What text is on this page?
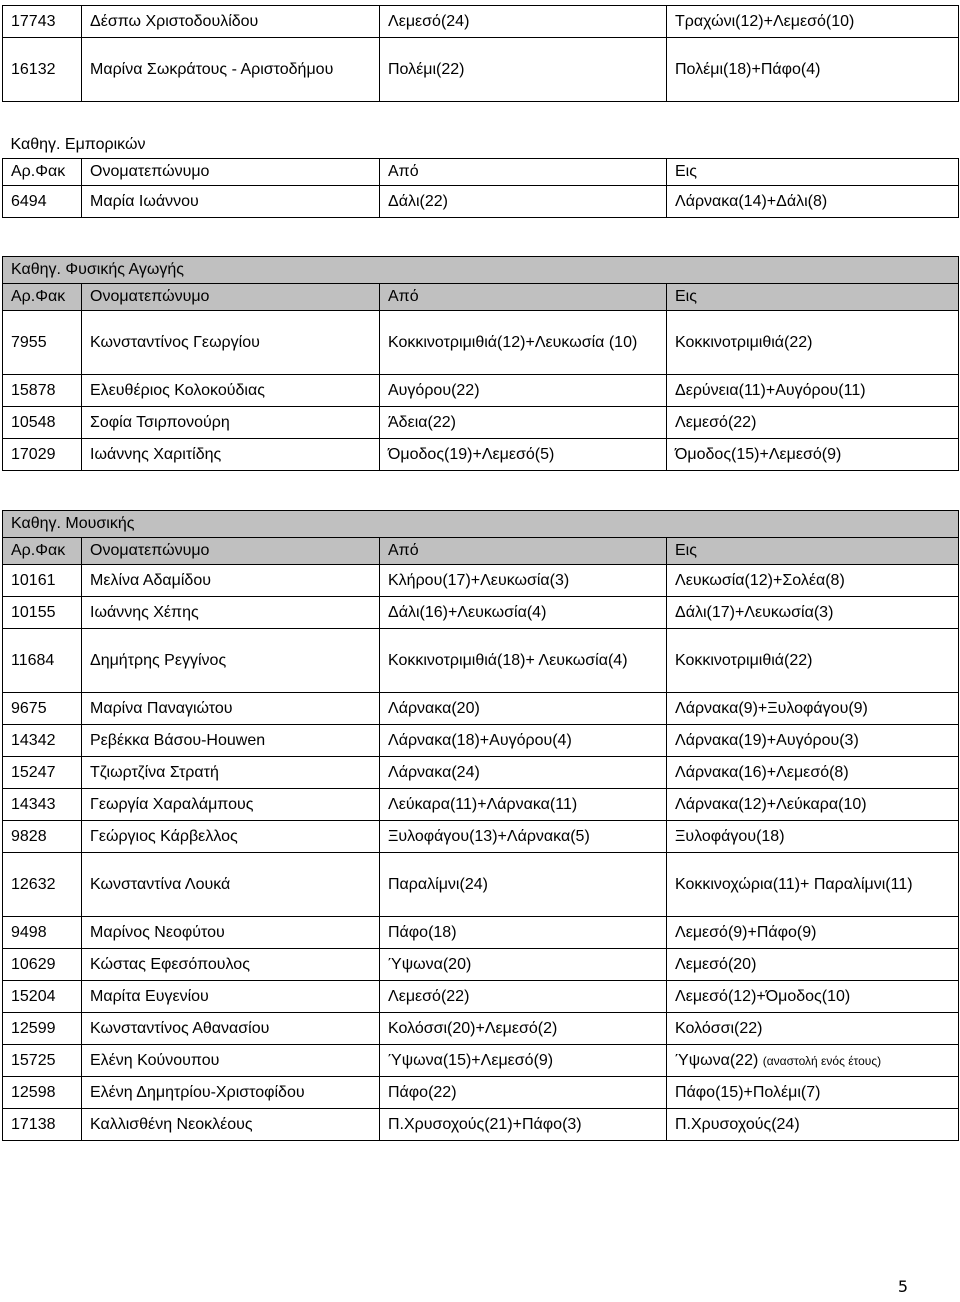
17743	Δέσπω Χριστοδουλίδου	Λεμεσό(24)	Τραχώνι(12)+Λεμεσό(10)
16132	Μαρίνα Σωκράτους - Αριστοδήμου	Πολέμι(22)	Πολέμι(18)+Πάφο(4)
Καθηγ. Εμπορικών			
Αρ.Φακ	Ονοματεπώνυμο	Από	Εις
6494	Μαρία Ιωάννου	Δάλι(22)	Λάρνακα(14)+Δάλι(8)
Καθηγ. Φυσικής Αγωγής			
Αρ.Φακ	Ονοματεπώνυμο	Από	Εις
7955	Κωνσταντίνος Γεωργίου	Κοκκινοτριμιθιά(12)+Λευκωσία (10)	Κοκκινοτριμιθιά(22)
15878	Ελευθέριος Κολοκούδιας	Αυγόρου(22)	Δερύνεια(11)+Αυγόρου(11)
10548	Σοφία Τσιρπονούρη	Άδεια(22)	Λεμεσό(22)
17029	Ιωάννης Χαριτίδης	Όμοδος(19)+Λεμεσό(5)	Όμοδος(15)+Λεμεσό(9)
Καθηγ. Μουσικής			
Αρ.Φακ	Ονοματεπώνυμο	Από	Εις
10161	Μελίνα Αδαμίδου	Κλήρου(17)+Λευκωσία(3)	Λευκωσία(12)+Σολέα(8)
10155	Ιωάννης Χέπης	Δάλι(16)+Λευκωσία(4)	Δάλι(17)+Λευκωσία(3)
11684	Δημήτρης Ρεγγίνος	Κοκκινοτριμιθιά(18)+ Λευκωσία(4)	Κοκκινοτριμιθιά(22)
9675	Μαρίνα Παναγιώτου	Λάρνακα(20)	Λάρνακα(9)+Ξυλοφάγου(9)
14342	Ρεβέκκα Βάσου-Houwen	Λάρνακα(18)+Αυγόρου(4)	Λάρνακα(19)+Αυγόρου(3)
15247	Τζιωρτζίνα Στρατή	Λάρνακα(24)	Λάρνακα(16)+Λεμεσό(8)
14343	Γεωργία Χαραλάμπους	Λεύκαρα(11)+Λάρνακα(11)	Λάρνακα(12)+Λεύκαρα(10)
9828	Γεώργιος Κάρβελλος	Ξυλοφάγου(13)+Λάρνακα(5)	Ξυλοφάγου(18)
12632	Κωνσταντίνα Λουκά	Παραλίμνι(24)	Κοκκινοχώρια(11)+ Παραλίμνι(11)
9498	Μαρίνος Νεοφύτου	Πάφο(18)	Λεμεσό(9)+Πάφο(9)
10629	Κώστας Εφεσόπουλος	Ύψωνα(20)	Λεμεσό(20)
15204	Μαρίτα Ευγενίου	Λεμεσό(22)	Λεμεσό(12)+Όμοδος(10)
12599	Κωνσταντίνος Αθανασίου	Κολόσσι(20)+Λεμεσό(2)	Κολόσσι(22)
15725	Ελένη Κούνουπου	Ύψωνα(15)+Λεμεσό(9)	Ύψωνα(22) (αναστολή ενός έτους)
12598	Ελένη Δημητρίου-Χριστοφίδου	Πάφο(22)	Πάφο(15)+Πολέμι(7)
17138	Καλλισθένη Νεοκλέους	Π.Χρυσοχούς(21)+Πάφο(3)	Π.Χρυσοχούς(24)
5
